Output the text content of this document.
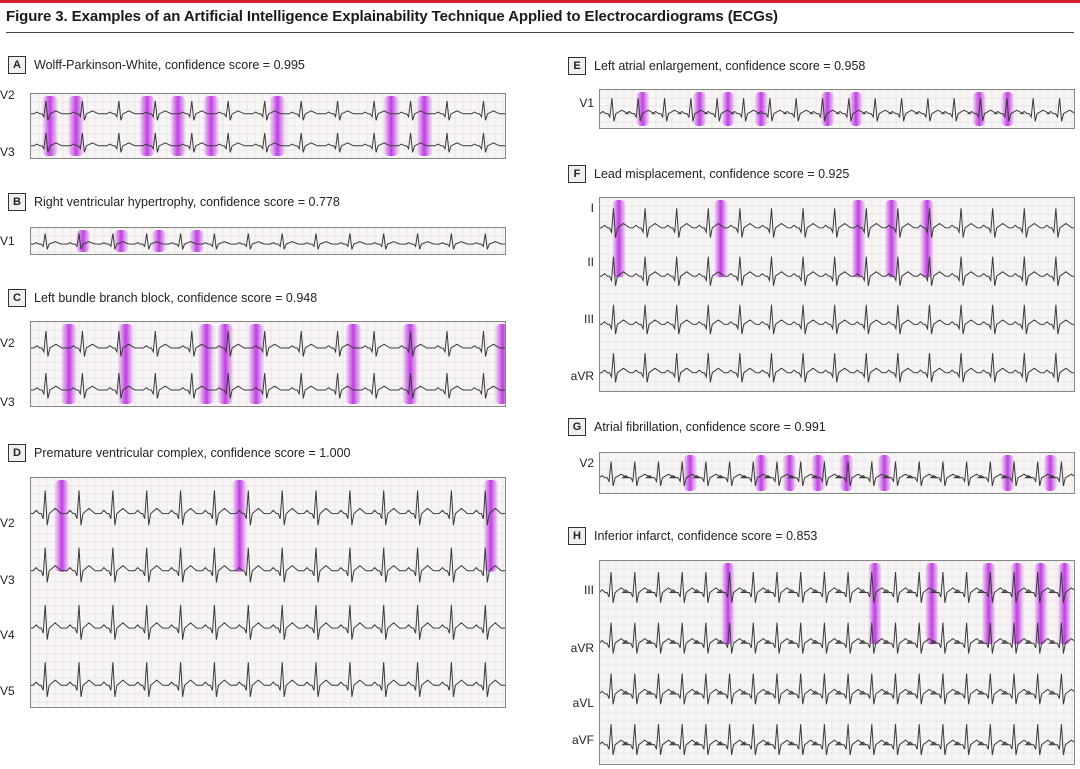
Figure 3. Examples of an Artificial Intelligence Explainability Technique Applied to Electrocardiograms (ECGs)
A	Wolff-Parkinson-White, confidence score = 0.995
V2
V3
B	Right ventricular hypertrophy, confidence score = 0.778
V1
C	Left bundle branch block, confidence score = 0.948
V2
V3
D	Premature ventricular complex, confidence score = 1.000
V2
V3
V4
V5
E	Left atrial enlargement, confidence score = 0.958
V1
F	Lead misplacement, confidence score = 0.925
I
II
III
aVR
G	Atrial fibrillation, confidence score = 0.991
V2
H	Inferior infarct, confidence score = 0.853
III
aVR
aVL
aVF
